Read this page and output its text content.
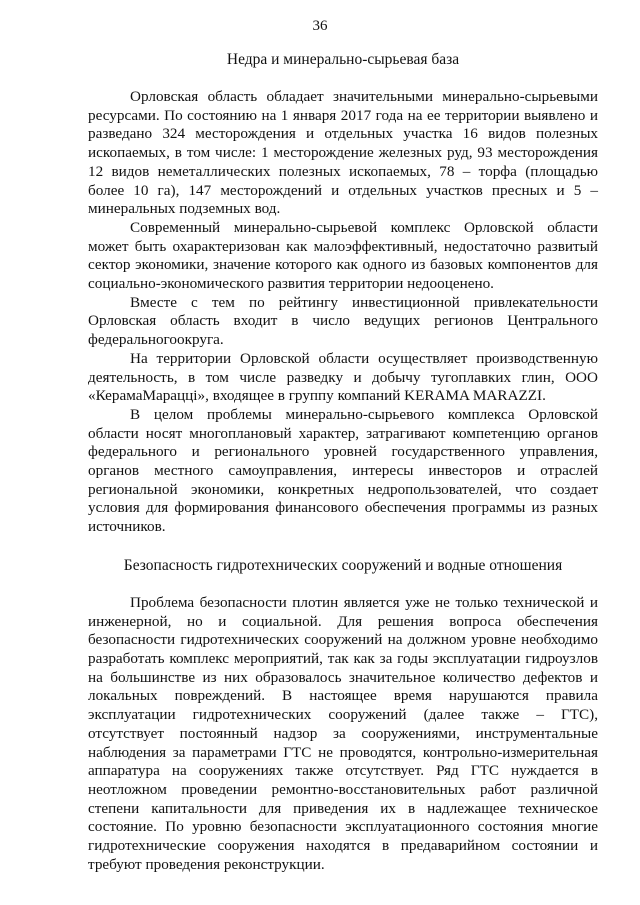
36
Недра и минерально-сырьевая база

Орловская область обладает значительными минерально-сырьевыми ресурсами. По состоянию на 1 января 2017 года на ее территории выявлено и разведано 324 месторождения и отдельных участка 16 видов полезных ископаемых, в том числе: 1 месторождение железных руд, 93 месторождения 12 видов неметаллических полезных ископаемых, 78 – торфа (площадью более 10 га), 147 месторождений и отдельных участков пресных и 5 – минеральных подземных вод.

Современный минерально-сырьевой комплекс Орловской области может быть охарактеризован как малоэффективный, недостаточно развитый сектор экономики, значение которого как одного из базовых компонентов для социально-экономического развития территории недооценено.

Вместе с тем по рейтингу инвестиционной привлекательности Орловская область входит в число ведущих регионов Центрального федеральногоокруга.

На территории Орловской области осуществляет производственную деятельность, в том числе разведку и добычу тугоплавких глин, ООО «КерамаМараццi», входящее в группу компаний KERAMA MARAZZI.

В целом проблемы минерально-сырьевого комплекса Орловской области носят многоплановый характер, затрагивают компетенцию органов федерального и регионального уровней государственного управления, органов местного самоуправления, интересы инвесторов и отраслей региональной экономики, конкретных недропользователей, что создает условия для формирования финансового обеспечения программы из разных источников.

Безопасность гидротехнических сооружений и водные отношения

Проблема безопасности плотин является уже не только технической и инженерной, но и социальной. Для решения вопроса обеспечения безопасности гидротехнических сооружений на должном уровне необходимо разработать комплекс мероприятий, так как за годы эксплуатации гидроузлов на большинстве из них образовалось значительное количество дефектов и локальных повреждений. В настоящее время нарушаются правила эксплуатации гидротехнических сооружений (далее также – ГТС), отсутствует постоянный надзор за сооружениями, инструментальные наблюдения за параметрами ГТС не проводятся, контрольно-измерительная аппаратура на сооружениях также отсутствует. Ряд ГТС нуждается в неотложном проведении ремонтно-восстановительных работ различной степени капитальности для приведения их в надлежащее техническое состояние. По уровню безопасности эксплуатационного состояния многие гидротехнические сооружения находятся в предаварийном состоянии и требуют проведения реконструкции.
